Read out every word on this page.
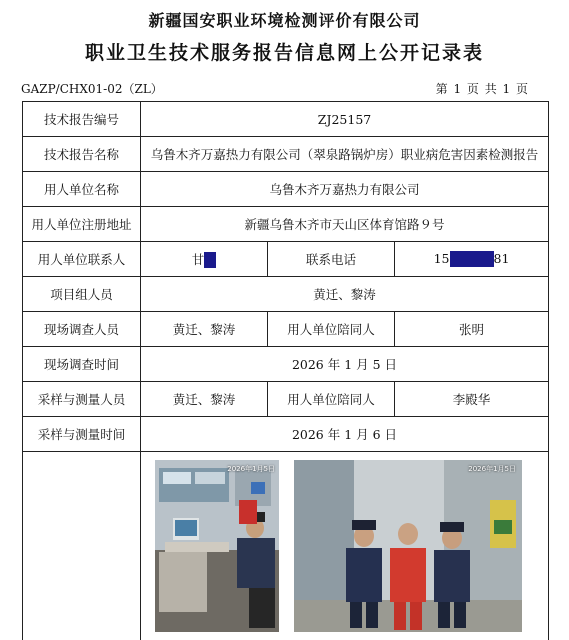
新疆国安职业环境检测评价有限公司
职业卫生技术服务报告信息网上公开记录表
GAZP/CHX01-02（ZL）	第 1 页 共 1 页
技术报告编号	ZJ25157		
技术报告名称	乌鲁木齐万嘉热力有限公司（翠泉路锅炉房）职业病危害因素检测报告		
用人单位名称	乌鲁木齐万嘉热力有限公司		
用人单位注册地址	新疆乌鲁木齐市天山区体育馆路９号		
用人单位联系人	甘	联系电话	15 81
项目组人员	黄迁、黎涛		
现场调查人员	黄迁、黎涛	用人单位陪同人	张明
现场调查时间	2026 年 1 月 5 日		
采样与测量人员	黄迁、黎涛	用人单位陪同人	李殿华
采样与测量时间	2026 年 1 月 6 日		

	2026年1月5日 2026年1月5日		
